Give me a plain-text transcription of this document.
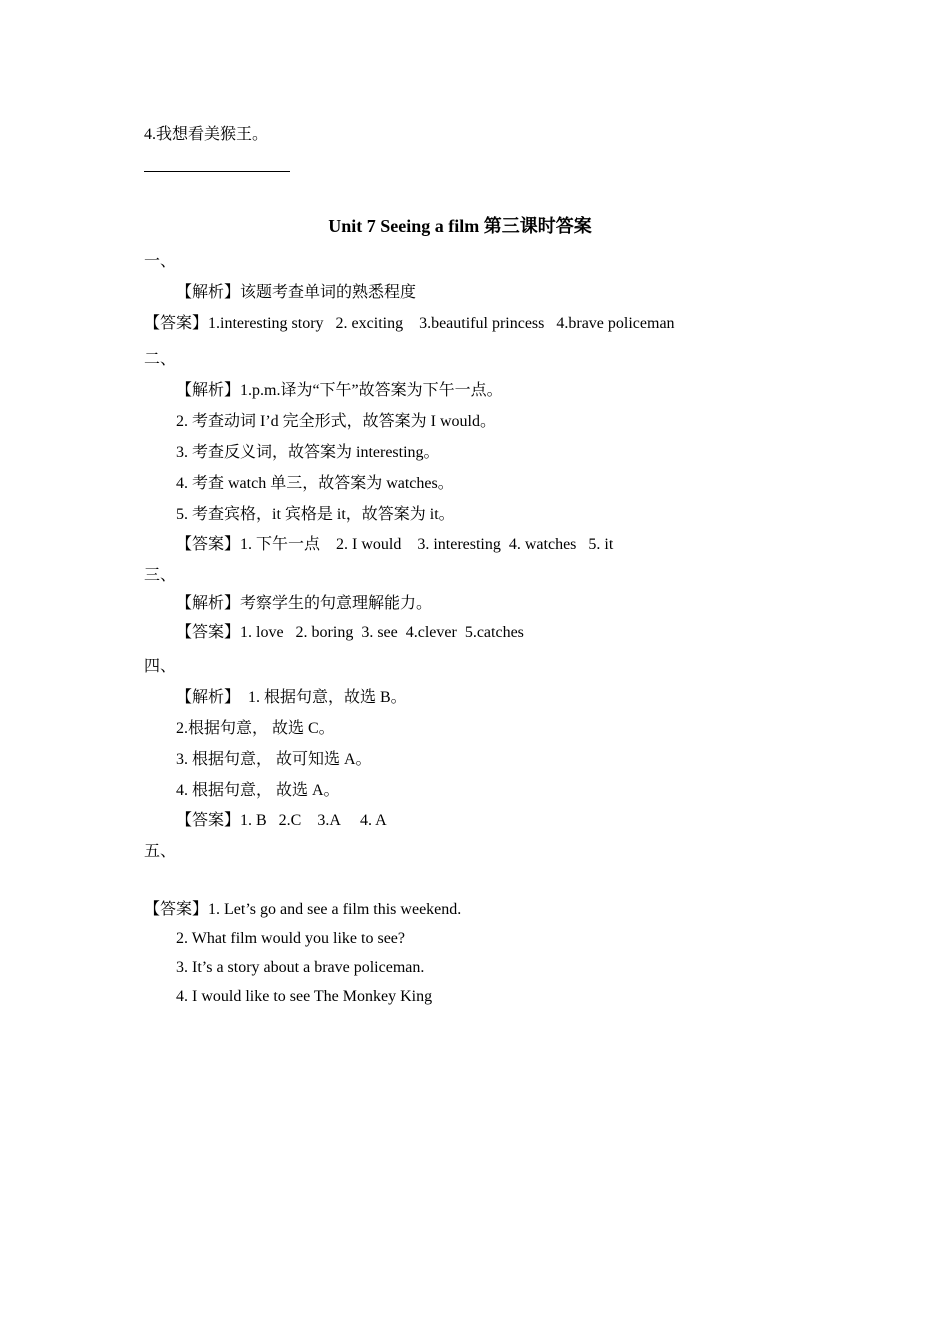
4.我想看美猴王。
Unit 7 Seeing a film 第三课时答案
一、
【解析】该题考查单词的熟悉程度
【答案】1.interesting story   2. exciting    3.beautiful princess   4.brave policeman
二、
【解析】1.p.m.译为“下午”故答案为下午一点。
2. 考查动词 I’d 完全形式，故答案为 I would。
3. 考查反义词，故答案为 interesting。
4. 考查 watch 单三，故答案为 watches。
5. 考查宾格，it 宾格是 it，故答案为 it。
【答案】1. 下午一点    2. I would    3. interesting  4. watches   5. it
三、
【解析】考察学生的句意理解能力。
【答案】1. love   2. boring  3. see  4.clever  5.catches
四、
【解析】  1. 根据句意，故选 B。
2.根据句意， 故选 C。
3. 根据句意， 故可知选 A。
4. 根据句意， 故选 A。
【答案】1. B   2.C    3.A     4. A
五、
【答案】1. Let’s go and see a film this weekend.
2. What film would you like to see?
3. It’s a story about a brave policeman.
4. I would like to see The Monkey King
